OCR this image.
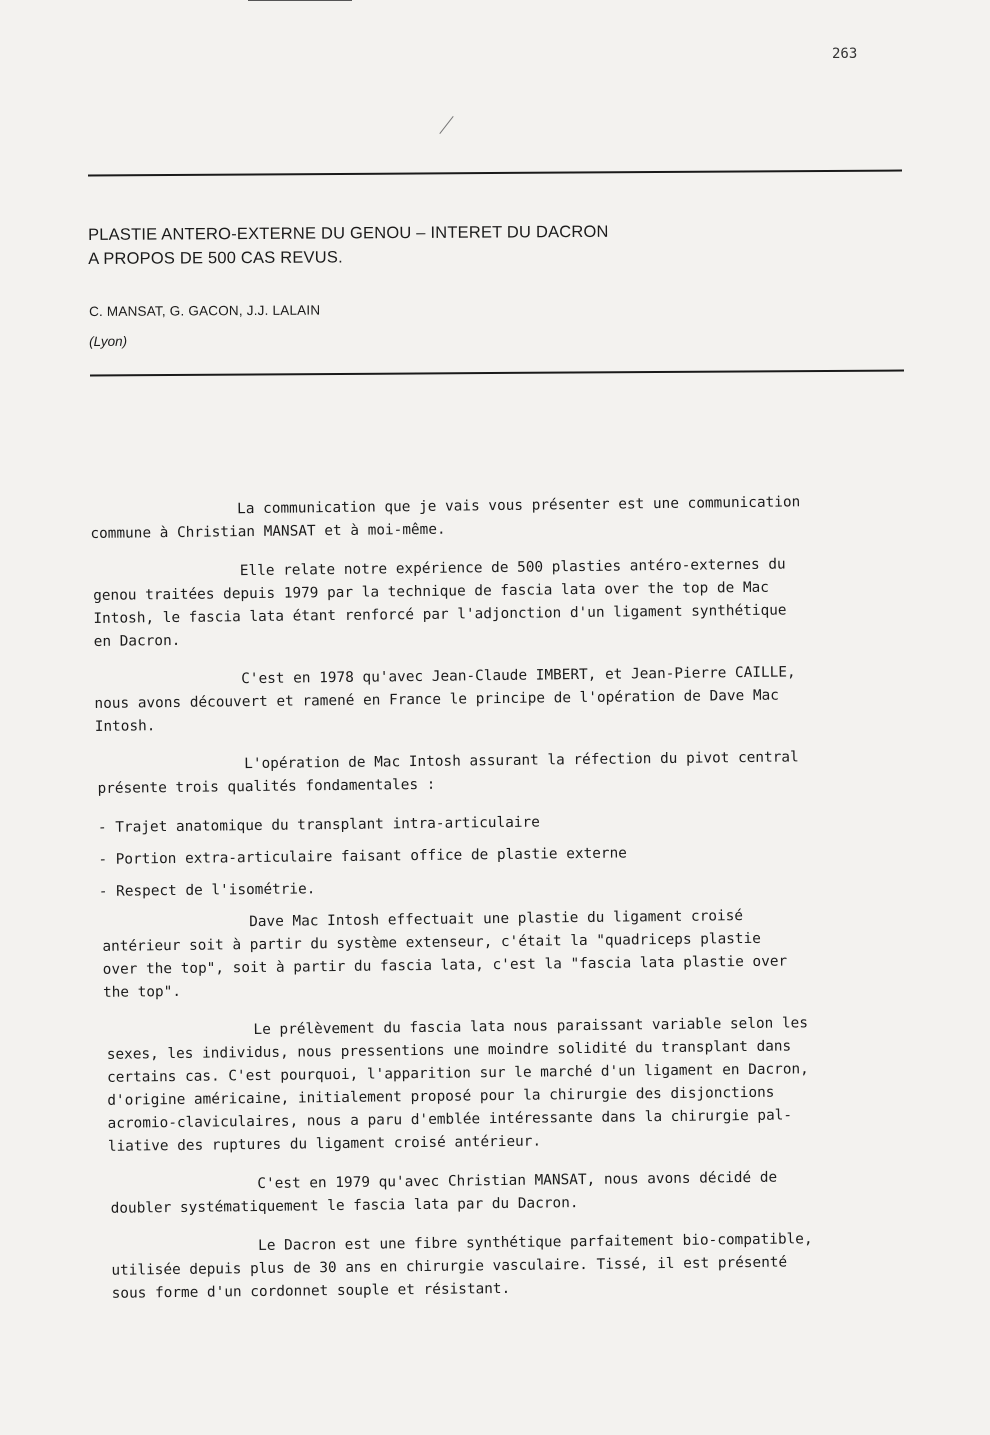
263
PLASTIE ANTERO-EXTERNE DU GENOU – INTERET DU DACRON
A PROPOS DE 500 CAS REVUS.
C. MANSAT, G. GACON, J.J. LALAIN
(Lyon)
La communication que je vais vous présenter est une communication
commune à Christian MANSAT et à moi-même.
Elle relate notre expérience de 500 plasties antéro-externes du
genou traitées depuis 1979 par la technique de fascia lata over the top de Mac
Intosh, le fascia lata étant renforcé par l'adjonction d'un ligament synthétique
en Dacron.
C'est en 1978 qu'avec Jean-Claude IMBERT, et Jean-Pierre CAILLE,
nous avons découvert et ramené en France le principe de l'opération de Dave Mac
Intosh.
L'opération de Mac Intosh assurant la réfection du pivot central
présente trois qualités fondamentales :
- Trajet anatomique du transplant intra-articulaire
- Portion extra-articulaire faisant office de plastie externe
- Respect de l'isométrie.
Dave Mac Intosh effectuait une plastie du ligament croisé
antérieur soit à partir du système extenseur, c'était la "quadriceps plastie
over the top", soit à partir du fascia lata, c'est la "fascia lata plastie over
the top".
Le prélèvement du fascia lata nous paraissant variable selon les
sexes, les individus, nous pressentions une moindre solidité du transplant dans
certains cas. C'est pourquoi, l'apparition sur le marché d'un ligament en Dacron,
d'origine américaine, initialement proposé pour la chirurgie des disjonctions
acromio-claviculaires, nous a paru d'emblée intéressante dans la chirurgie pal-
liative des ruptures du ligament croisé antérieur.
C'est en 1979 qu'avec Christian MANSAT, nous avons décidé de
doubler systématiquement le fascia lata par du Dacron.
Le Dacron est une fibre synthétique parfaitement bio-compatible,
utilisée depuis plus de 30 ans en chirurgie vasculaire. Tissé, il est présenté
sous forme d'un cordonnet souple et résistant.
